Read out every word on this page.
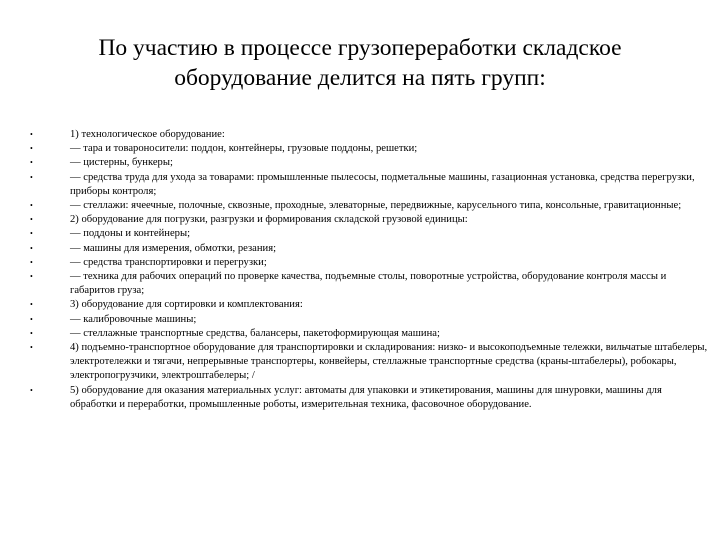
По участию в процессе грузопереработки складское
оборудование делится на пять групп:
•	1) технологическое оборудование:
•	— тара и товароносители: поддон, контейнеры, грузовые поддоны, решетки;
•	— цистерны, бункеры;
•	— средства труда для ухода за товарами: промышленные пылесосы, подметальные машины, газационная установка, средства перегрузки, приборы контроля;
•	— стеллажи: ячеечные, полочные, сквозные, проходные, элеваторные, передвижные, карусельного типа, консольные, гравитационные;
•	2) оборудование для погрузки, разгрузки и формирования складской грузовой единицы:
•	— поддоны и контейнеры;
•	— машины для измерения, обмотки, резания;
•	— средства транспортировки и перегрузки;
•	— техника для рабочих операций по проверке качества, подъемные столы, поворотные устройства, оборудование контроля массы и габаритов груза;
•	3) оборудование для сортировки и комплектования:
•	— калибровочные машины;
•	— стеллажные транспортные средства, балансеры, пакетоформирующая машина;
•	4) подъемно-транспортное оборудование для транспортировки и складирования: низко- и высокоподъемные тележки, вильчатые штабелеры, электротележки и тягачи, непрерывные транспортеры, конвейеры, стеллажные транспортные средства (краны-штабелеры), робокары, электропогрузчики, электроштабелеры; /
•	5) оборудование для оказания материальных услуг: автоматы для упаковки и этикетирования, машины для шнуровки, машины для обработки и переработки, промышленные роботы, измерительная техника, фасовочное оборудование.
